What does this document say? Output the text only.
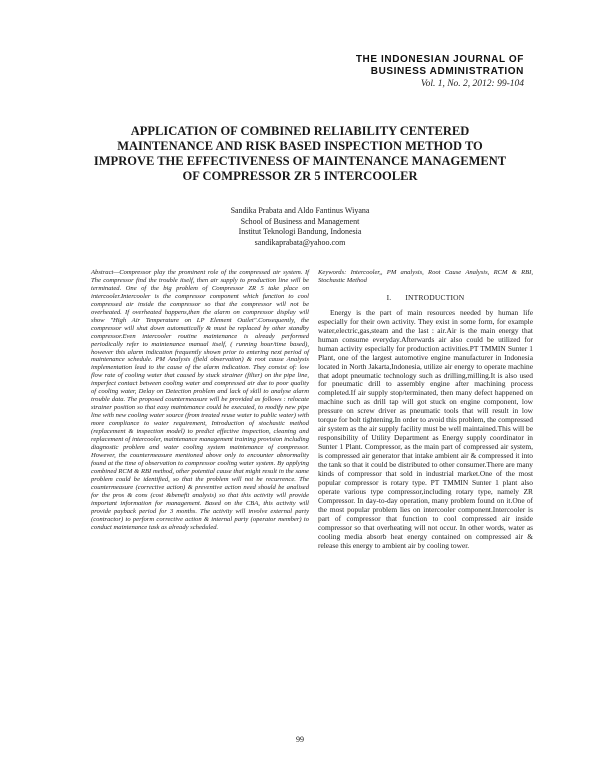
THE INDONESIAN JOURNAL OF
BUSINESS ADMINISTRATION
Vol. 1, No. 2, 2012: 99-104
APPLICATION OF COMBINED RELIABILITY CENTERED
MAINTENANCE AND RISK BASED INSPECTION METHOD TO
IMPROVE THE EFFECTIVENESS OF MAINTENANCE MANAGEMENT
OF COMPRESSOR ZR 5 INTERCOOLER
Sandika Prabata and Aldo Fantinus Wiyana
School of Business and Management
Institut Teknologi Bandung, Indonesia
sandikaprabata@yahoo.com

Abstract—Compressor play the prominent role of the compressed air system. If The compressor find the trouble itself, then air supply to production line will be terminated. One of the big problem of Compressor ZR 5 take place on intercooler.Intercooler is the compressor component which function to cool compressed air inside the compressor so that the compressor will not be overheated. If overheated happens,then the alarm on compressor display will show "High Air Temperature on LP Element Outlet".Consequently, the compressor will shut down automatically & must be replaced by other standby compressor.Even intercooler routine maintenance is already performed periodically refer to maintenance manual itself, ( running hour/time based), however this alarm indication frequently shown prior to entering next period of maintenance schedule. PM Analysis (field observation) & root cause Analysis implementation lead to the cause of the alarm indication. They consist of: low flow rate of cooling water that caused by stuck strainer (filter) on the pipe line, imperfect contact between cooling water and compressed air due to poor quality of cooling water, Delay on Detection problem and lack of skill to analyse alarm trouble data. The proposed countermeasure will be provided as follows : relocate strainer position so that easy maintenance could be executed, to modify new pipe line with new cooling water source (from treated reuse water to public water) with more compliance to water requirement, Introduction of stochastic method (replacement & inspection model) to predict effective inspection, cleaning and replacement of intercooler, maintenance management training provision including diagnostic problem and water cooling system maintenance of compressor. However, the countermeasure mentioned above only to encounter abnormality found at the time of observation to compressor cooling water system. By applying combined RCM & RBI method, other potential cause that might result in the same problem could be identified, so that the problem will not be recurrence. The countermeasure (corrective action) & preventive action need should be analised for the pros & cons (cost &benefit analysis) so that this activity will provide important information for management. Based on the CBA, this activity will provide payback period for 3 months. The activity will involve external party (contractor) to perform corrective action & internal party (operator member) to conduct maintenance task as already scheduled.

Keywords: Intercooler,, PM analysis, Root Cause Analysis, RCM & RBI, Stochastic Method

I. INTRODUCTION

Energy is the part of main resources needed by human life especially for their own activity. They exist in some form, for example water,electric,gas,steam and the last : air.Air is the main energy that human consume everyday.Afterwards air also could be utilized for human activity especially for production activities.PT TMMIN Sunter 1 Plant, one of the largest automotive engine manufacturer in Indonesia located in North Jakarta,Indonesia, utilize air energy to operate machine that adopt pneumatic technology such as drilling,milling.It is also used for pneumatic drill to assembly engine after machining process completed.If air supply stop/terminated, then many defect happened on machine such as drill tap will got stuck on engine component, low pressure on screw driver as pneumatic tools that will result in low torque for bolt tightening.In order to avoid this problem, the compressed air system as the air supply facility must be well maintained.This will be responsibility of Utility Department as Energy supply coordinator in Sunter 1 Plant. Compressor, as the main part of compressed air system, is compressed air generator that intake ambient air & compressed it into the tank so that it could be distributed to other consumer.There are many kinds of compressor that sold in industrial market.One of the most popular compressor is rotary type. PT TMMIN Sunter 1 plant also operate various type compressor,including rotary type, namely ZR Compressor. In day-to-day operation, many problem found on it.One of the most popular problem lies on intercooler component.Intercooler is part of compressor that function to cool compressed air inside compressor so that overheating will not occur. In other words, water as cooling media absorb heat energy contained on compressed air & release this energy to ambient air by cooling tower.

99
